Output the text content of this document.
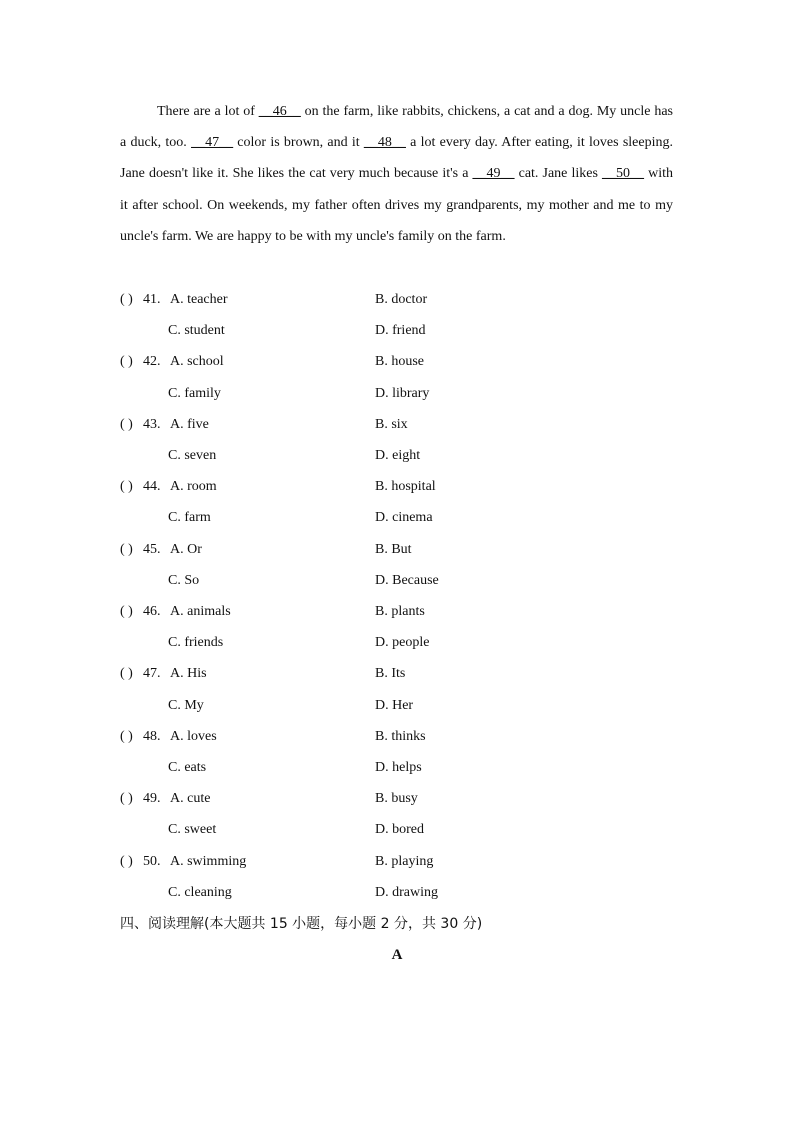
There are a lot of __46__ on the farm, like rabbits, chickens, a cat and a dog. My uncle has a duck, too. __47__ color is brown, and it __48__ a lot every day. After eating, it loves sleeping. Jane doesn't like it. She likes the cat very much because it's a __49__ cat. Jane likes __50__ with it after school. On weekends, my father often drives my grandparents, my mother and me to my uncle's farm. We are happy to be with my uncle's family on the farm.

( ) 41. A. teacher	B. doctor
C. student	D. friend
( ) 42. A. school	B. house
C. family	D. library
( ) 43. A. five	B. six
C. seven	D. eight
( ) 44. A. room	B. hospital
C. farm	D. cinema
( ) 45. A. Or	B. But
C. So	D. Because
( ) 46. A. animals	B. plants
C. friends	D. people
( ) 47. A. His	B. Its
C. My	D. Her
( ) 48. A. loves	B. thinks
C. eats	D. helps
( ) 49. A. cute	B. busy
C. sweet	D. bored
( ) 50. A. swimming	B. playing
C. cleaning	D. drawing
四、阅读理解(本大题共 15 小题，每小题 2 分，共 30 分)
A
